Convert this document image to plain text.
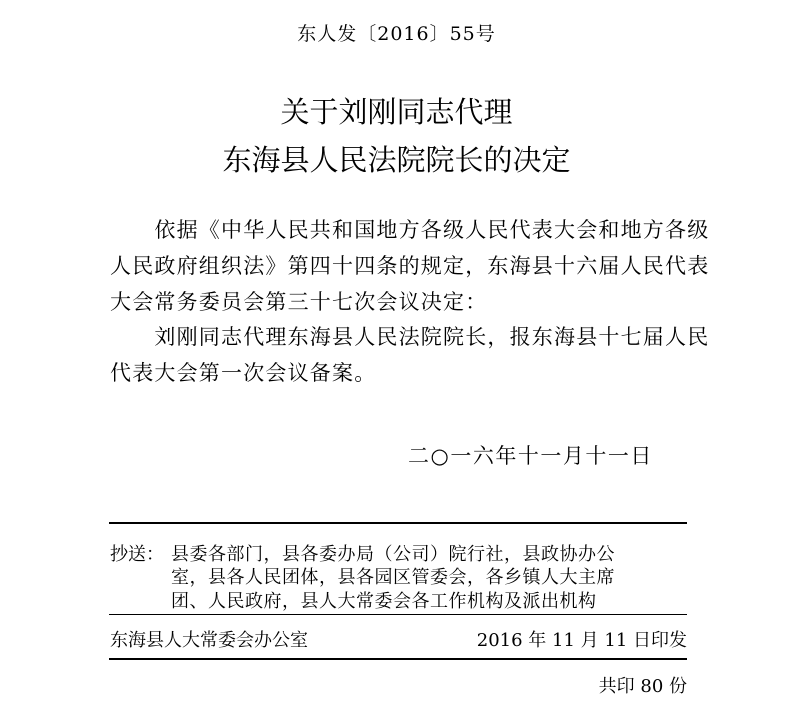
东人发〔2016〕55号
关于刘刚同志代理
东海县人民法院院长的决定
　　依据《中华人民共和国地方各级人民代表大会和地方各级
人民政府组织法》第四十四条的规定，东海县十六届人民代表
大会常务委员会第三十七次会议决定：
　　刘刚同志代理东海县人民法院院长，报东海县十七届人民
代表大会第一次会议备案。
二○一六年十一月十一日
抄送： 县委各部门，县各委办局（公司）院行社，县政协办公
室，县各人民团体，县各园区管委会，各乡镇人大主席
团、人民政府，县人大常委会各工作机构及派出机构
东海县人大常委会办公室	2016 年 11 月 11 日印发
共印 80 份
